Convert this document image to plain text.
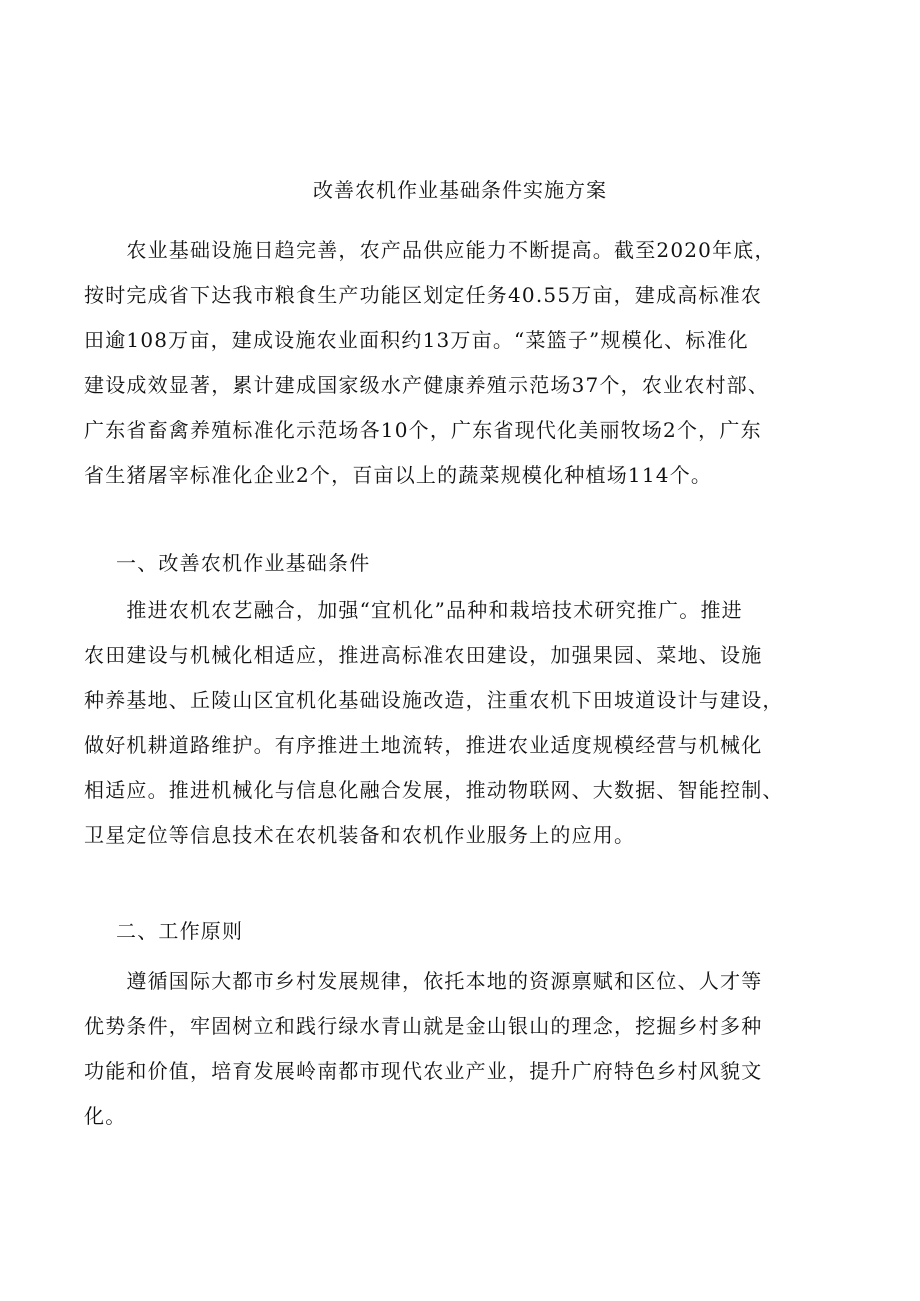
改善农机作业基础条件实施方案
　　农业基础设施日趋完善，农产品供应能力不断提高。截至2020年底，
按时完成省下达我市粮食生产功能区划定任务40.55万亩，建成高标准农
田逾108万亩，建成设施农业面积约13万亩。“菜篮子”规模化、标准化
建设成效显著，累计建成国家级水产健康养殖示范场37个，农业农村部、
广东省畜禽养殖标准化示范场各10个，广东省现代化美丽牧场2个，广东
省生猪屠宰标准化企业2个，百亩以上的蔬菜规模化种植场114个。
一、改善农机作业基础条件
　　推进农机农艺融合，加强“宜机化”品种和栽培技术研究推广。推进
农田建设与机械化相适应，推进高标准农田建设，加强果园、菜地、设施
种养基地、丘陵山区宜机化基础设施改造，注重农机下田坡道设计与建设，
做好机耕道路维护。有序推进土地流转，推进农业适度规模经营与机械化
相适应。推进机械化与信息化融合发展，推动物联网、大数据、智能控制、
卫星定位等信息技术在农机装备和农机作业服务上的应用。
二、工作原则
　　遵循国际大都市乡村发展规律，依托本地的资源禀赋和区位、人才等
优势条件，牢固树立和践行绿水青山就是金山银山的理念，挖掘乡村多种
功能和价值，培育发展岭南都市现代农业产业，提升广府特色乡村风貌文
化。
